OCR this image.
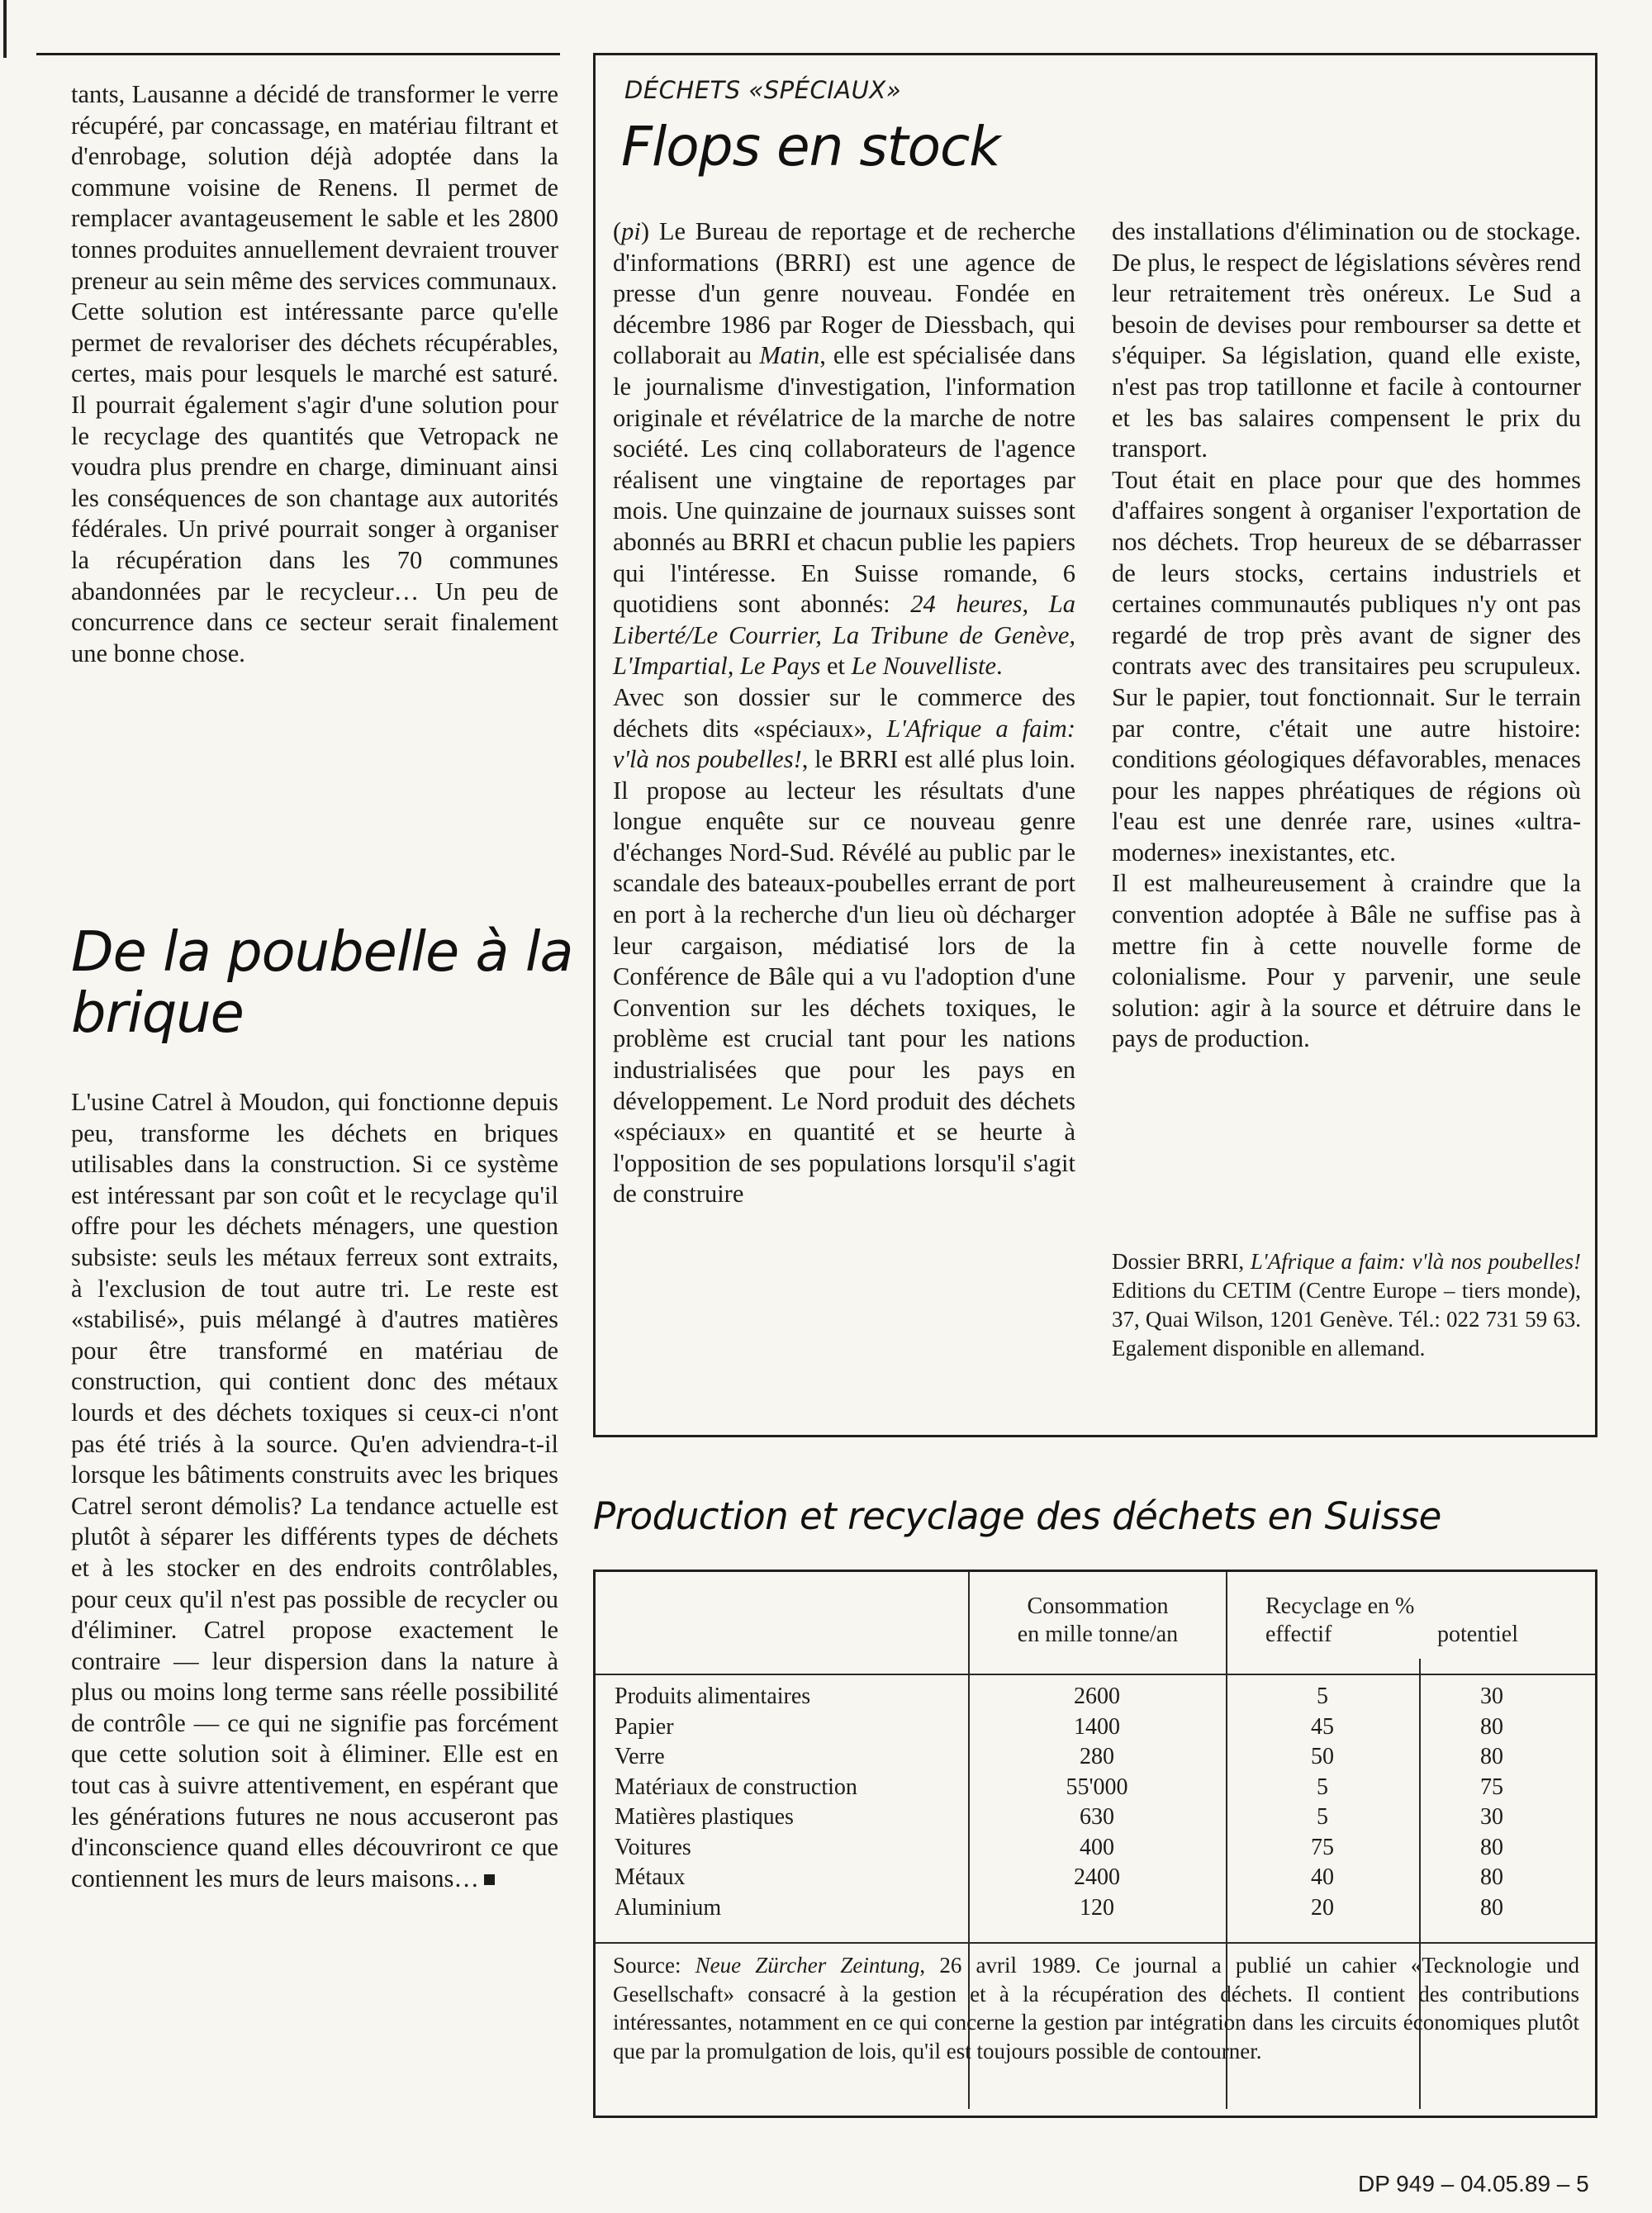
tants, Lausanne a décidé de transformer le verre récupéré, par concassage, en matériau filtrant et d'enrobage, solution déjà adoptée dans la commune voisine de Renens. Il permet de remplacer avantageusement le sable et les 2800 tonnes produites annuellement devraient trouver preneur au sein même des services communaux.

Cette solution est intéressante parce qu'elle permet de revaloriser des déchets récupérables, certes, mais pour lesquels le marché est saturé. Il pourrait également s'agir d'une solution pour le recyclage des quantités que Vetropack ne voudra plus prendre en charge, diminuant ainsi les conséquences de son chantage aux autorités fédérales. Un privé pourrait songer à organiser la récupération dans les 70 communes abandonnées par le recycleur… Un peu de concurrence dans ce secteur serait finalement une bonne chose.

De la poubelle à la brique

L'usine Catrel à Moudon, qui fonctionne depuis peu, transforme les déchets en briques utilisables dans la construction. Si ce système est intéressant par son coût et le recyclage qu'il offre pour les déchets ménagers, une question subsiste: seuls les métaux ferreux sont extraits, à l'exclusion de tout autre tri. Le reste est «stabilisé», puis mélangé à d'autres matières pour être transformé en matériau de construction, qui contient donc des métaux lourds et des déchets toxiques si ceux-ci n'ont pas été triés à la source. Qu'en adviendra-t-il lorsque les bâtiments construits avec les briques Catrel seront démolis? La tendance actuelle est plutôt à séparer les différents types de déchets et à les stocker en des endroits contrôlables, pour ceux qu'il n'est pas possible de recycler ou d'éliminer. Catrel propose exactement le contraire — leur dispersion dans la nature à plus ou moins long terme sans réelle possibilité de contrôle — ce qui ne signifie pas forcément que cette solution soit à éliminer. Elle est en tout cas à suivre attentivement, en espérant que les générations futures ne nous accuseront pas d'inconscience quand elles découvriront ce que contiennent les murs de leurs maisons…

DÉCHETS «SPÉCIAUX»
Flops en stock

(pi) Le Bureau de reportage et de recherche d'informations (BRRI) est une agence de presse d'un genre nouveau. Fondée en décembre 1986 par Roger de Diessbach, qui collaborait au Matin, elle est spécialisée dans le journalisme d'investigation, l'information originale et révélatrice de la marche de notre société. Les cinq collaborateurs de l'agence réalisent une vingtaine de reportages par mois. Une quinzaine de journaux suisses sont abonnés au BRRI et chacun publie les papiers qui l'intéresse. En Suisse romande, 6 quotidiens sont abonnés: 24 heures, La Liberté/Le Courrier, La Tribune de Genève, L'Impartial, Le Pays et Le Nouvelliste.

Avec son dossier sur le commerce des déchets dits «spéciaux», L'Afrique a faim: v'là nos poubelles!, le BRRI est allé plus loin. Il propose au lecteur les résultats d'une longue enquête sur ce nouveau genre d'échanges Nord-Sud. Révélé au public par le scandale des bateaux-poubelles errant de port en port à la recherche d'un lieu où décharger leur cargaison, médiatisé lors de la Conférence de Bâle qui a vu l'adoption d'une Convention sur les déchets toxiques, le problème est crucial tant pour les nations industrialisées que pour les pays en développement. Le Nord produit des déchets «spéciaux» en quantité et se heurte à l'opposition de ses populations lorsqu'il s'agit de construire

des installations d'élimination ou de stockage. De plus, le respect de législations sévères rend leur retraitement très onéreux. Le Sud a besoin de devises pour rembourser sa dette et s'équiper. Sa législation, quand elle existe, n'est pas trop tatillonne et facile à contourner et les bas salaires compensent le prix du transport.

Tout était en place pour que des hommes d'affaires songent à organiser l'exportation de nos déchets. Trop heureux de se débarrasser de leurs stocks, certains industriels et certaines communautés publiques n'y ont pas regardé de trop près avant de signer des contrats avec des transitaires peu scrupuleux. Sur le papier, tout fonctionnait. Sur le terrain par contre, c'était une autre histoire: conditions géologiques défavorables, menaces pour les nappes phréatiques de régions où l'eau est une denrée rare, usines «ultra-modernes» inexistantes, etc.

Il est malheureusement à craindre que la convention adoptée à Bâle ne suffise pas à mettre fin à cette nouvelle forme de colonialisme. Pour y parvenir, une seule solution: agir à la source et détruire dans le pays de production.

Dossier BRRI, L'Afrique a faim: v'là nos poubelles! Editions du CETIM (Centre Europe – tiers monde), 37, Quai Wilson, 1201 Genève. Tél.: 022 731 59 63. Egalement disponible en allemand.
Production et recyclage des déchets en Suisse
Consommation
en mille tonne/an
Recyclage en %
effectif	potentiel
Produits alimentaires
Papier
Verre
Matériaux de construction
Matières plastiques
Voitures
Métaux
Aluminium
2600
1400
280
55'000
630
400
2400
120
5
45
50
5
5
75
40
20
30
80
80
75
30
80
80
80
Source: Neue Zürcher Zeintung, 26 avril 1989. Ce journal a publié un cahier «Tecknologie und Gesellschaft» consacré à la gestion et à la récupération des déchets. Il contient des contributions intéressantes, notamment en ce qui concerne la gestion par intégration dans les circuits économiques plutôt que par la promulgation de lois, qu'il est toujours possible de contourner.
DP 949 – 04.05.89 – 5
